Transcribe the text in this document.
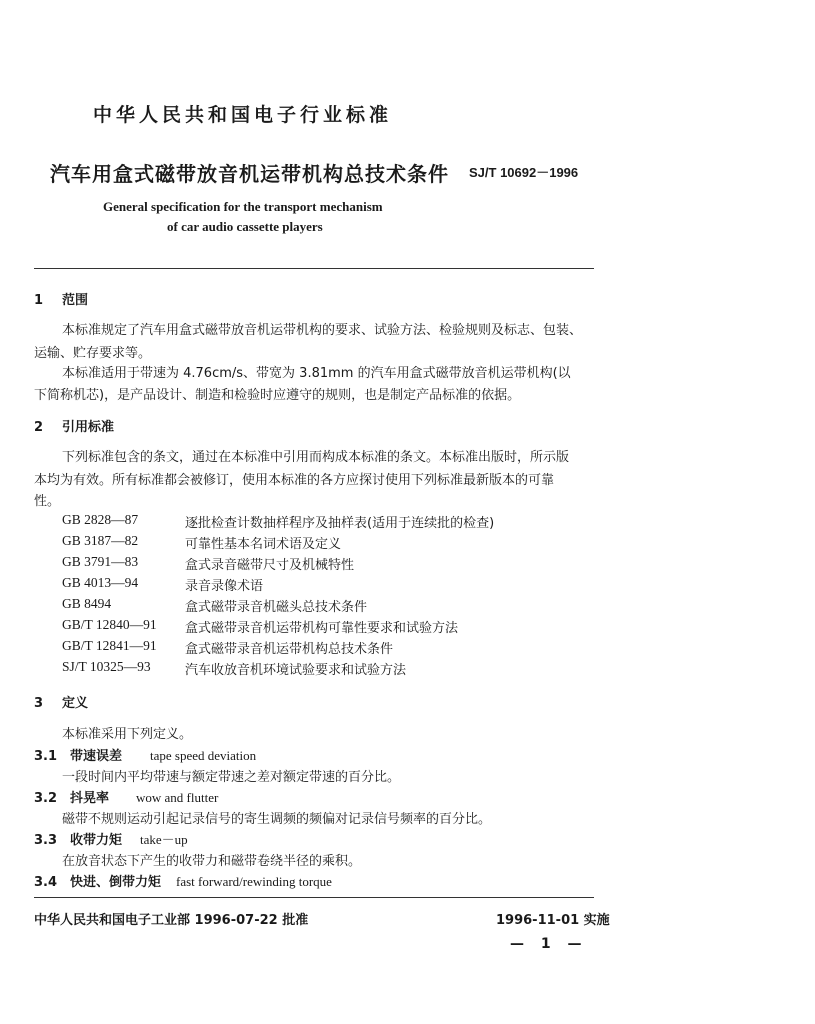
中华人民共和国电子行业标准
汽车用盒式磁带放音机运带机构总技术条件 SJ/T 10692－1996
General specification for the transport mechanism
of car audio cassette players
1 范围
本标准规定了汽车用盒式磁带放音机运带机构的要求、试验方法、检验规则及标志、包装、
运输、贮存要求等。
本标准适用于带速为 4.76cm/s、带宽为 3.81mm 的汽车用盒式磁带放音机运带机构(以
下简称机芯)，是产品设计、制造和检验时应遵守的规则，也是制定产品标准的依据。
2 引用标准
下列标准包含的条文，通过在本标准中引用而构成本标准的条文。本标准出版时，所示版
本均为有效。所有标准都会被修订，使用本标准的各方应探讨使用下列标准最新版本的可靠
性。
GB 2828—87	逐批检查计数抽样程序及抽样表(适用于连续批的检查)
GB 3187—82	可靠性基本名词术语及定义
GB 3791—83	盒式录音磁带尺寸及机械特性
GB 4013—94	录音录像术语
GB 8494	盒式磁带录音机磁头总技术条件
GB/T 12840—91 盒式磁带录音机运带机构可靠性要求和试验方法
GB/T 12841—91 盒式磁带录音机运带机构总技术条件
SJ/T 10325—93	汽车收放音机环境试验要求和试验方法
3 定义
本标准采用下列定义。
3.1 带速误差 tape speed deviation
一段时间内平均带速与额定带速之差对额定带速的百分比。
3.2 抖晃率 wow and flutter
磁带不规则运动引起记录信号的寄生调频的频偏对记录信号频率的百分比。
3.3 收带力矩 take－up
在放音状态下产生的收带力和磁带卷绕半径的乘积。
3.4 快进、倒带力矩 fast forward/rewinding torque
中华人民共和国电子工业部 1996-07-22 批准	1996-11-01 实施
— 1 —
